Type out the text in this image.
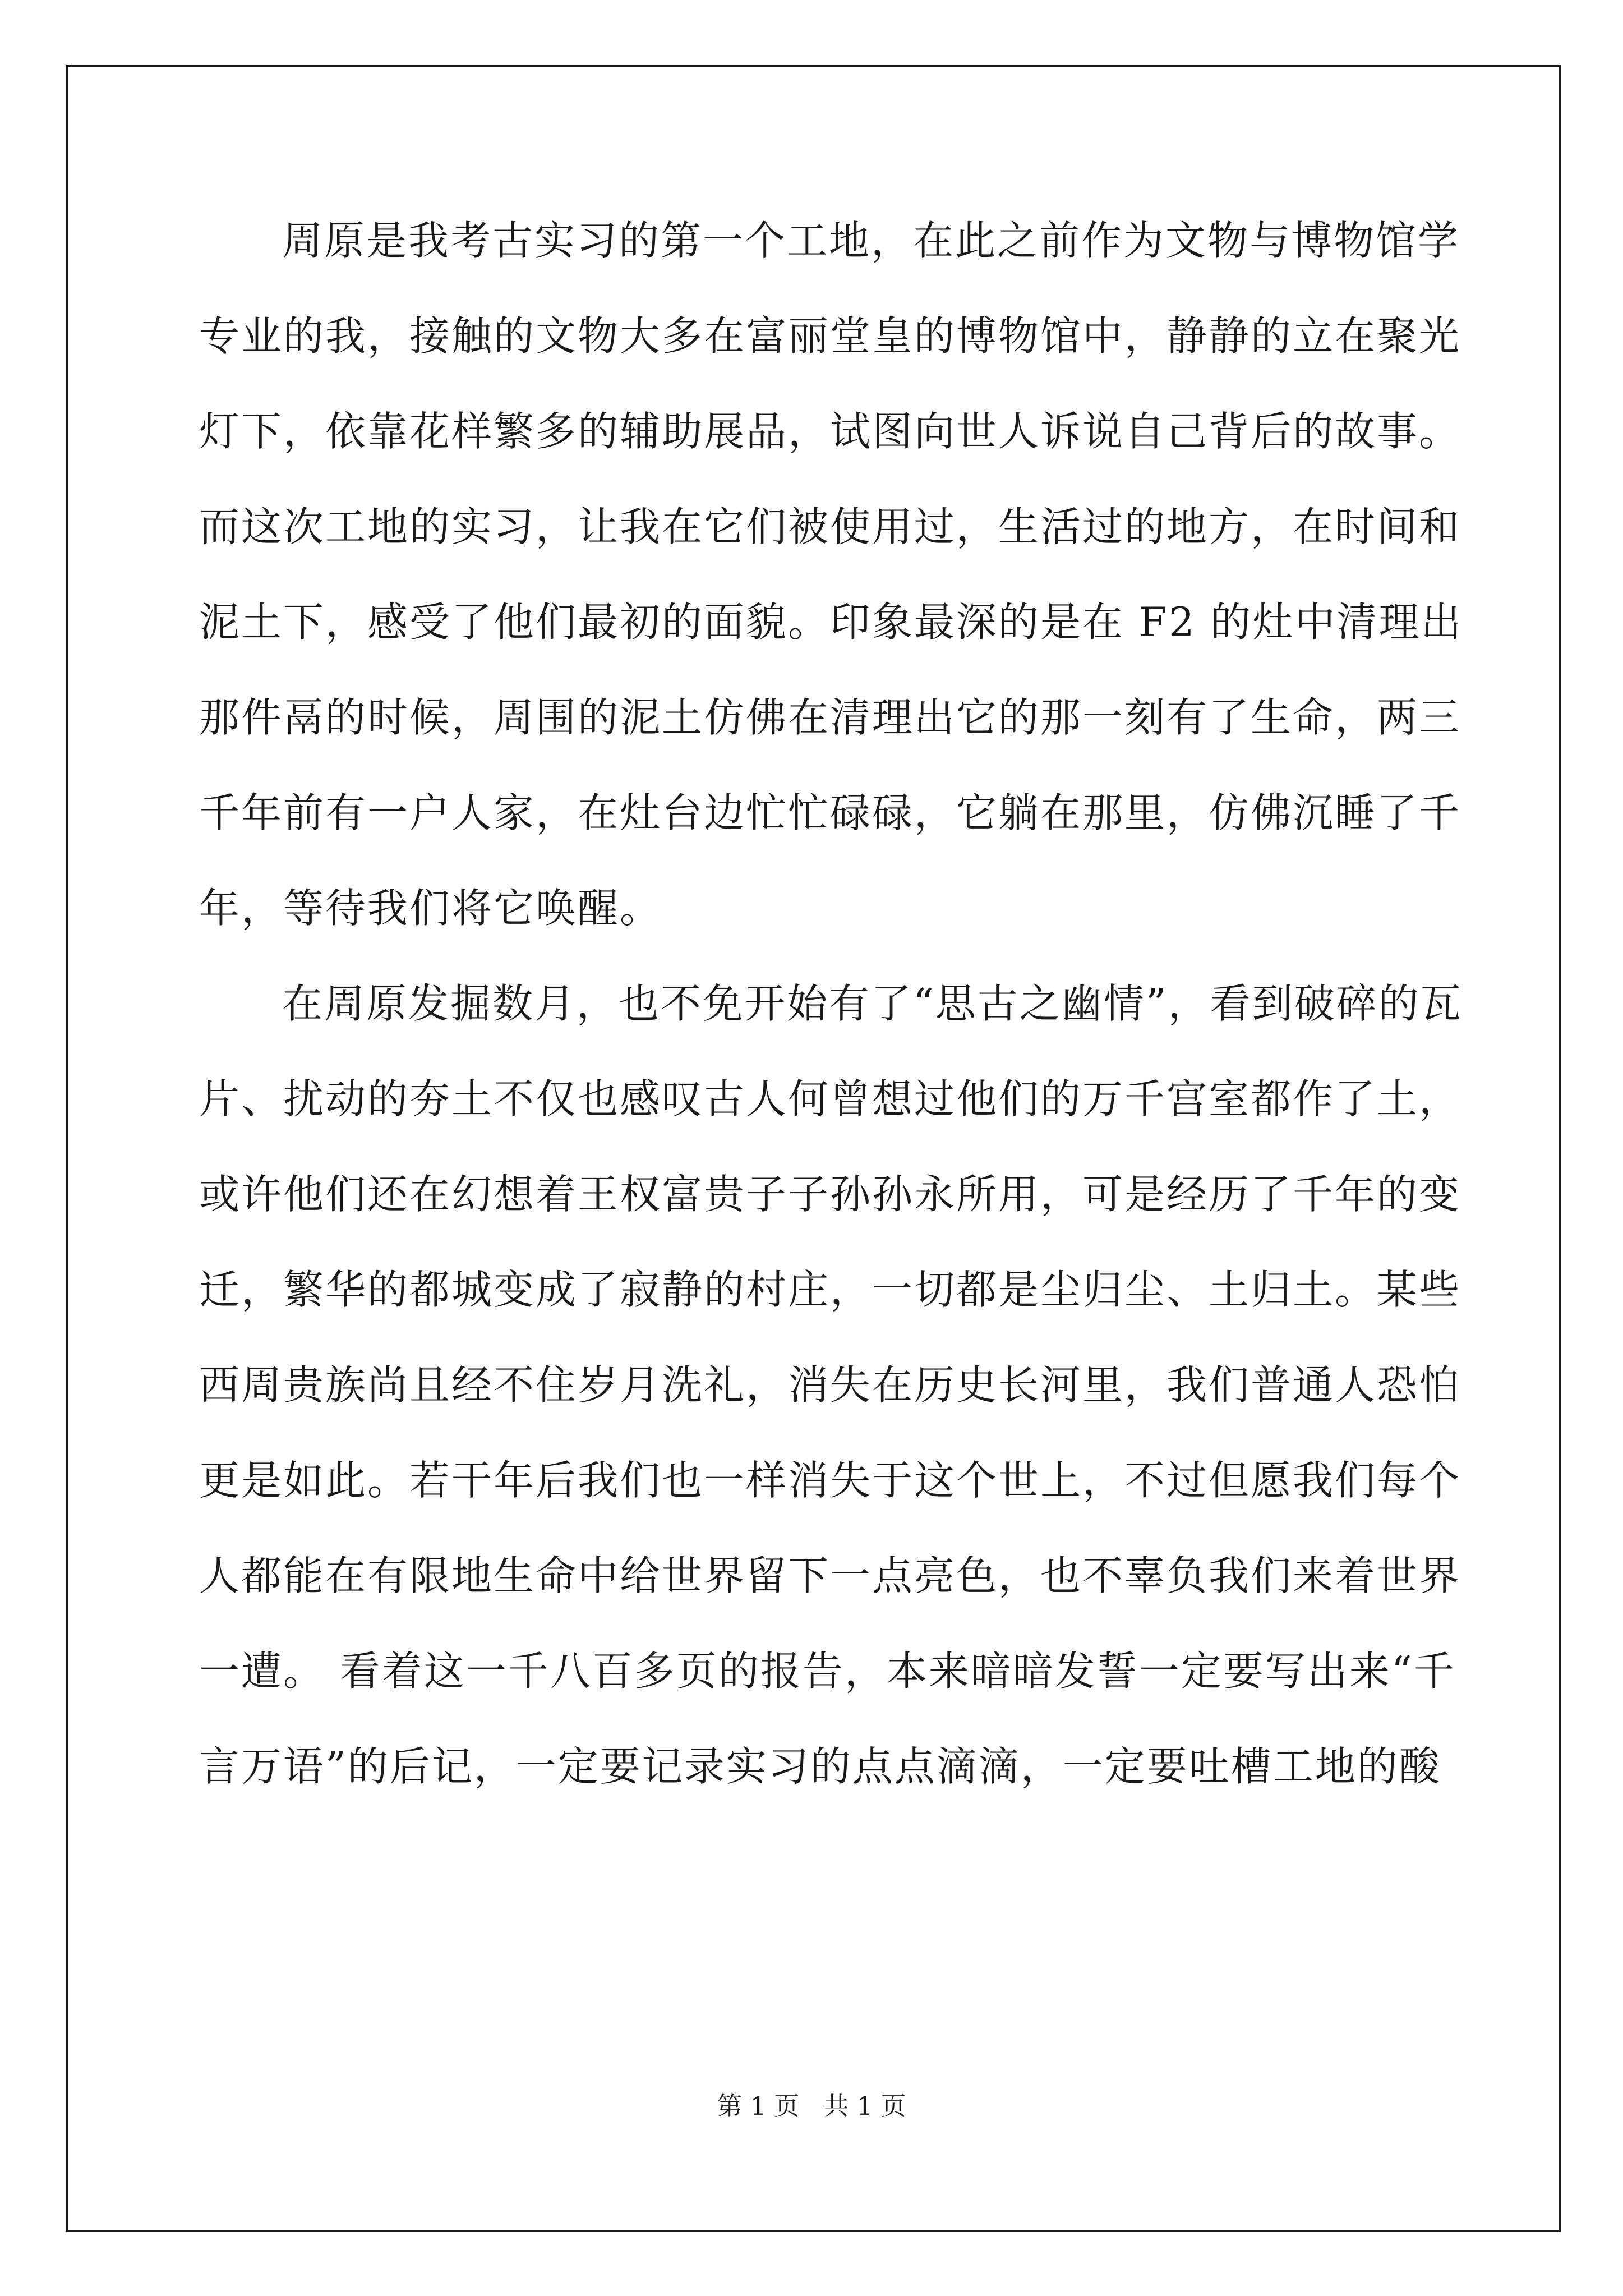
周原是我考古实习的第一个工地，在此之前作为文物与博物馆学
专业的我，接触的文物大多在富丽堂皇的博物馆中，静静的立在聚光
灯下，依靠花样繁多的辅助展品，试图向世人诉说自己背后的故事。
而这次工地的实习，让我在它们被使用过，生活过的地方，在时间和
泥土下，感受了他们最初的面貌。印象最深的是在 F2 的灶中清理出
那件鬲的时候，周围的泥土仿佛在清理出它的那一刻有了生命，两三
千年前有一户人家，在灶台边忙忙碌碌，它躺在那里，仿佛沉睡了千
年，等待我们将它唤醒。
在周原发掘数月，也不免开始有了“思古之幽情”，看到破碎的瓦
片、扰动的夯土不仅也感叹古人何曾想过他们的万千宫室都作了土，
或许他们还在幻想着王权富贵子子孙孙永所用，可是经历了千年的变
迁，繁华的都城变成了寂静的村庄，一切都是尘归尘、土归土。某些
西周贵族尚且经不住岁月洗礼，消失在历史长河里，我们普通人恐怕
更是如此。若干年后我们也一样消失于这个世上，不过但愿我们每个
人都能在有限地生命中给世界留下一点亮色，也不辜负我们来着世界
一遭。 看着这一千八百多页的报告，本来暗暗发誓一定要写出来“千
言万语”的后记，一定要记录实习的点点滴滴，一定要吐槽工地的酸
第 1 页 共 1 页
